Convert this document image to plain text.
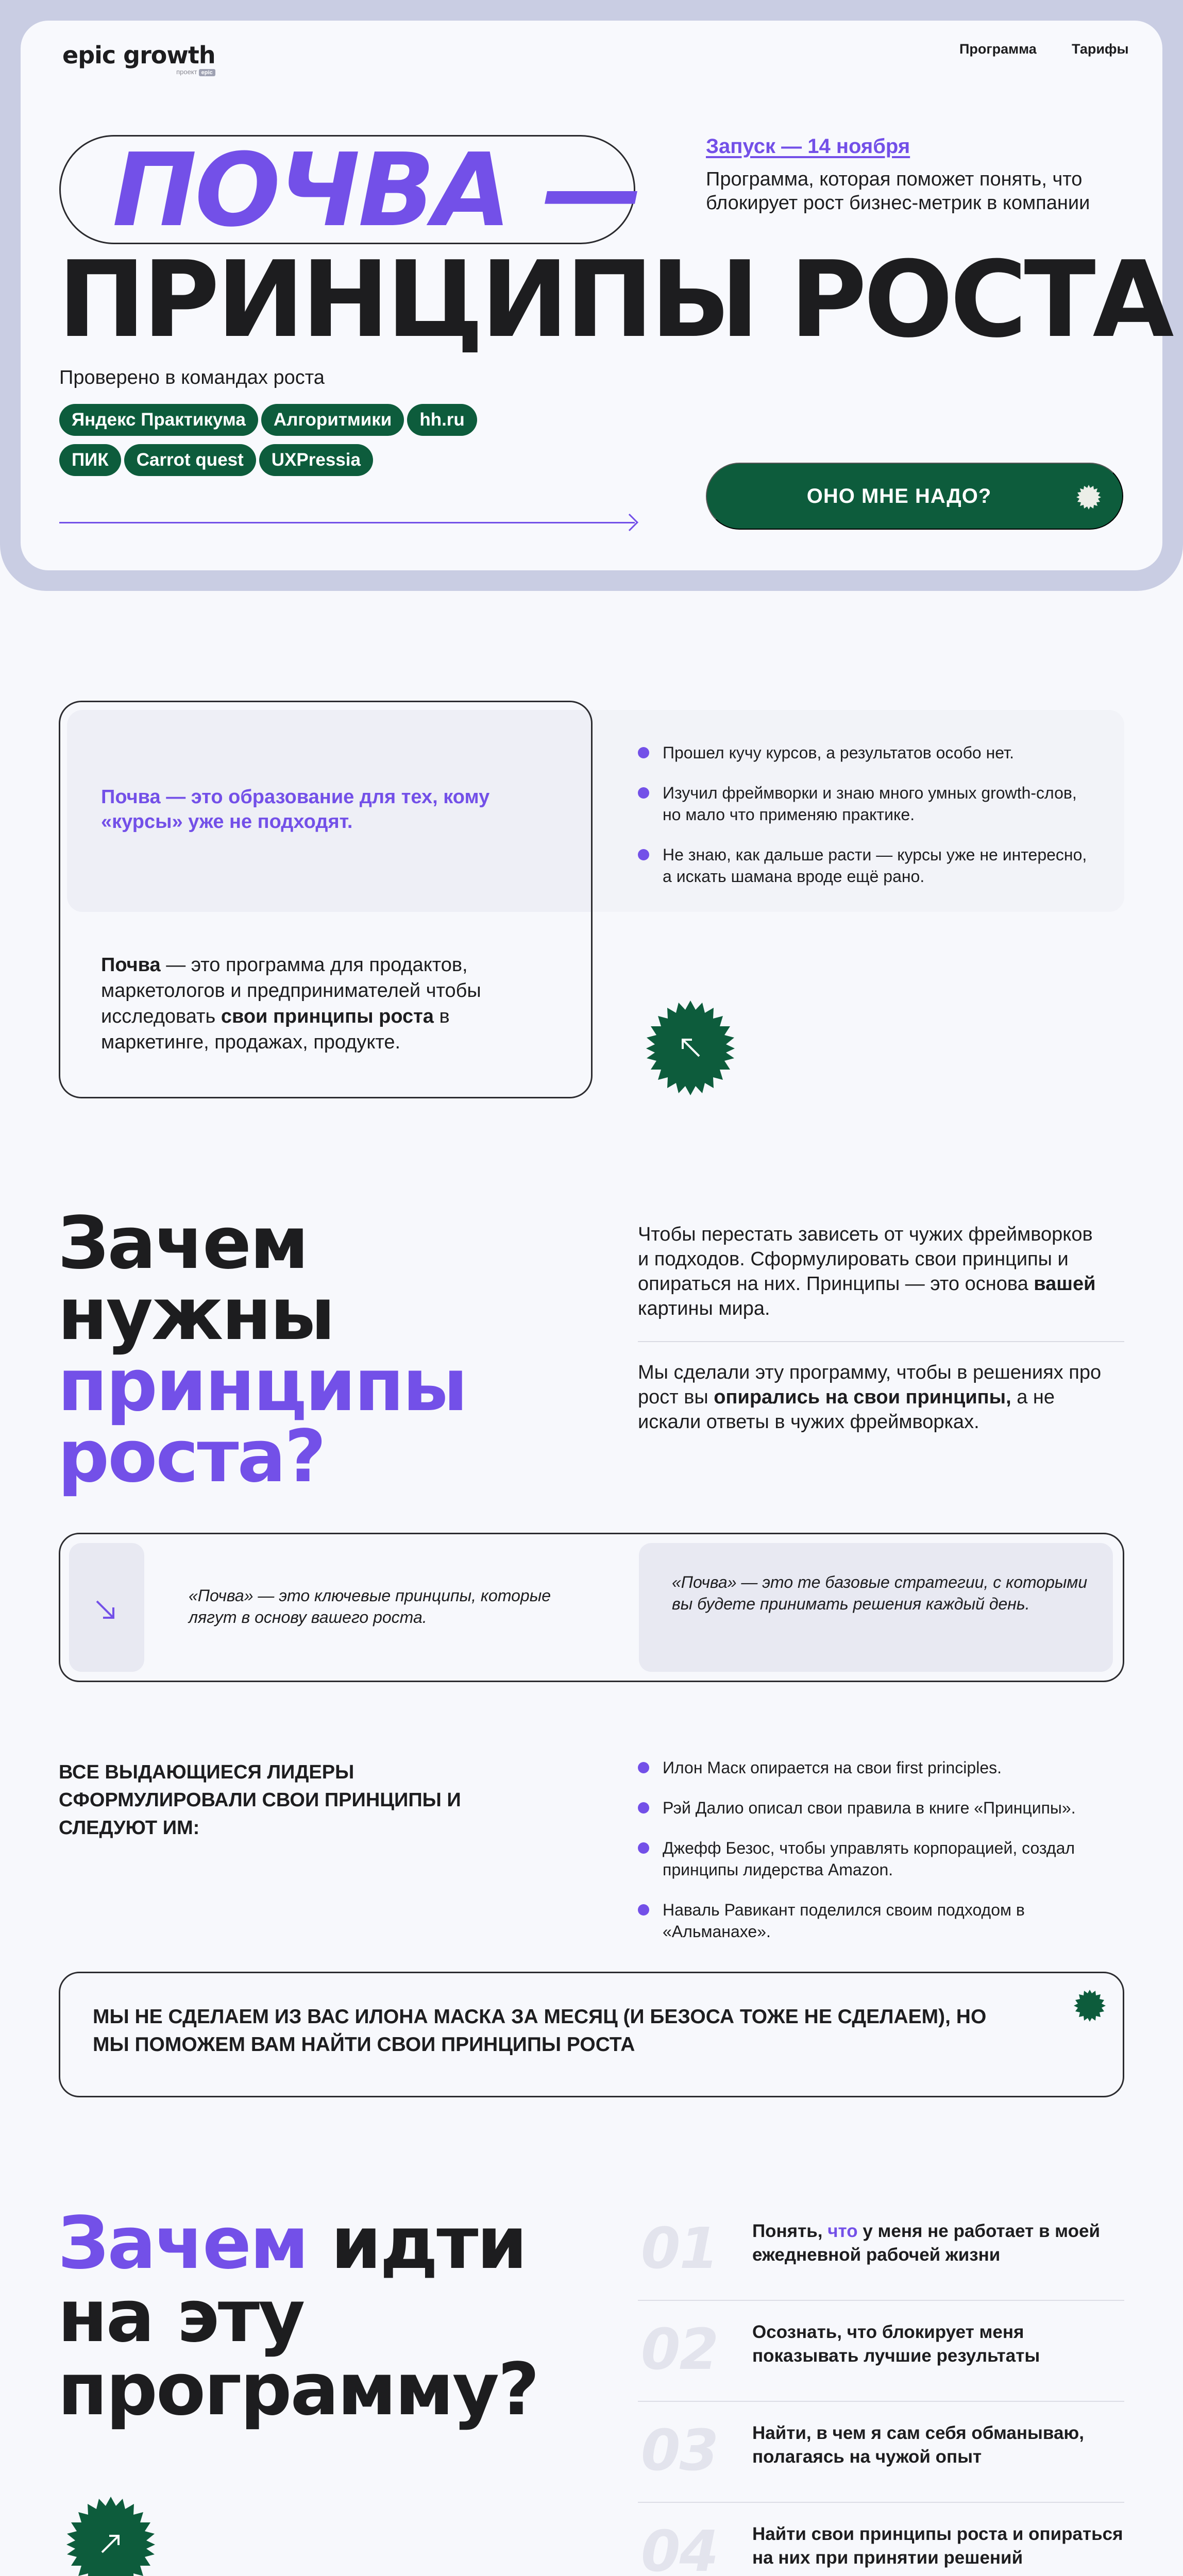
epic growth
проект epic
Программа	Тарифы
ПОЧВА —
ПРИНЦИПЫ РОСТА
Запуск — 14 ноября

Программа, которая поможет понять, что блокирует рост бизнес-метрик в компании

Проверено в командах роста
Яндекс Практикума	Алгоритмики	hh.ru
ПИК	Carrot quest	UXPressia
ОНО МНЕ НАДО?

Почва — это образование для тех, кому «курсы» уже не подходят.

Прошел кучу курсов, а результатов особо нет.
Изучил фреймворки и знаю много умных growth-слов, но мало что применяю практике.
Не знаю, как дальше расти — курсы уже не интересно, а искать шамана вроде ещё рано.

Почва — это программа для продактов, маркетологов и предпринимателей чтобы исследовать свои принципы роста в маркетинге, продажах, продукте.

Зачем
нужны
принципы
роста?

Чтобы перестать зависеть от чужих фреймворков и подходов. Сформулировать свои принципы и опираться на них. Принципы — это основа вашей картины мира.

Мы сделали эту программу, чтобы в решениях про рост вы опирались на свои принципы, а не искали ответы в чужих фреймворках.

«Почва» — это ключевые принципы, которые лягут в основу вашего роста.

«Почва» — это те базовые стратегии, с которыми вы будете принимать решения каждый день.

ВСЕ ВЫДАЮЩИЕСЯ ЛИДЕРЫ СФОРМУЛИРОВАЛИ СВОИ ПРИНЦИПЫ И СЛЕДУЮТ ИМ:
Илон Маск опирается на свои first principles.
Рэй Далио описал свои правила в книге «Принципы».
Джефф Безос, чтобы управлять корпорацией, создал принципы лидерства Amazon.
Наваль Равикант поделился своим подходом в «Альманахе».

МЫ НЕ СДЕЛАЕМ ИЗ ВАС ИЛОНА МАСКА ЗА МЕСЯЦ (И БЕЗОСА ТОЖЕ НЕ СДЕЛАЕМ), НО МЫ ПОМОЖЕМ ВАМ НАЙТИ СВОИ ПРИНЦИПЫ РОСТА

Зачем идти
на эту
программу?
01 Понять, что у меня не работает в моей ежедневной рабочей жизни
02 Осознать, что блокирует меня показывать лучшие результаты
03 Найти, в чем я сам себя обманываю, полагаясь на чужой опыт
04 Найти свои принципы роста и опираться на них при принятии решений
